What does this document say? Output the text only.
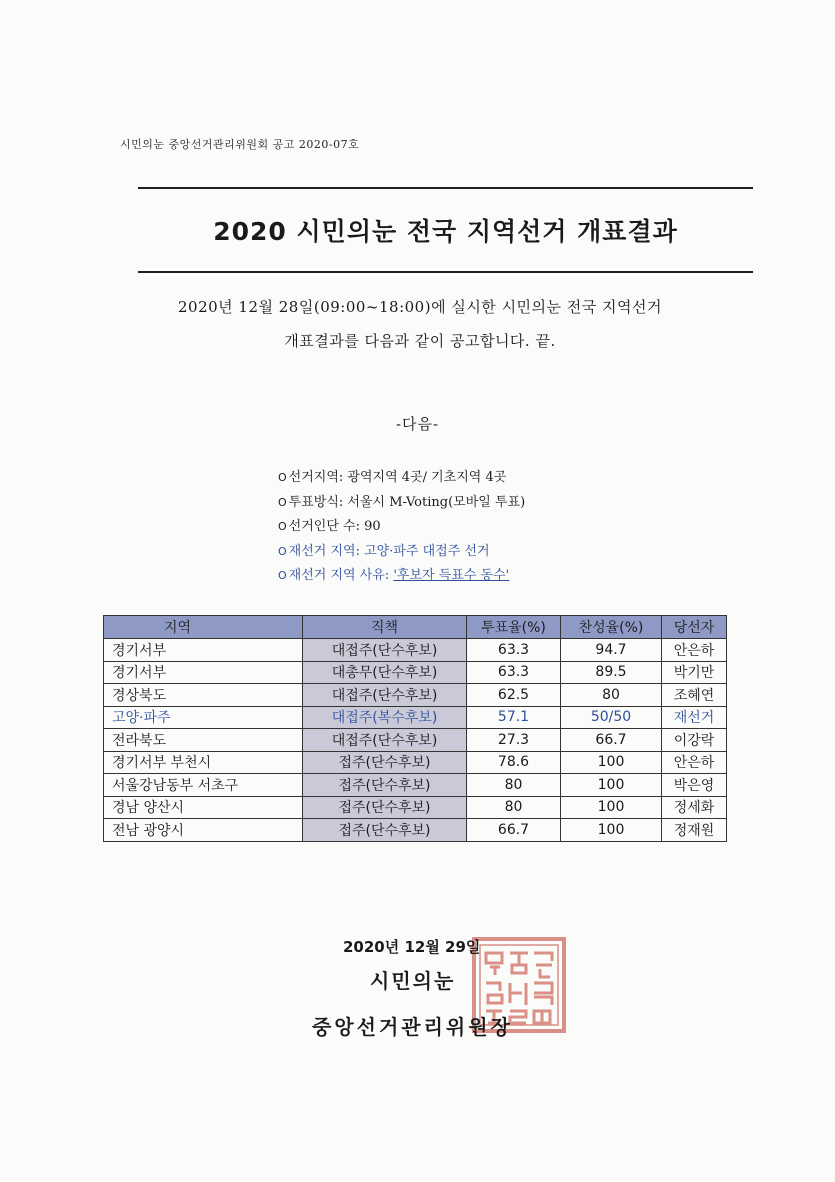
시민의눈 중앙선거관리위원회 공고 2020-07호
2020 시민의눈 전국 지역선거 개표결과
2020년 12월 28일(09:00~18:00)에 실시한 시민의눈 전국 지역선거
개표결과를 다음과 같이 공고합니다. 끝.
-다음-
O 선거지역: 광역지역 4곳/ 기초지역 4곳
O 투표방식: 서울시 M-Voting(모바일 투표)
O 선거인단 수: 90
O 재선거 지역: 고양·파주 대접주 선거
O 재선거 지역 사유: '후보자 득표수 동수'
지역	직책	투표율(%)	찬성율(%)	당선자
경기서부	대접주(단수후보)	63.3	94.7	안은하
경기서부	대총무(단수후보)	63.3	89.5	박기만
경상북도	대접주(단수후보)	62.5	80	조혜연
고양·파주	대접주(복수후보)	57.1	50/50	재선거
전라북도	대접주(단수후보)	27.3	66.7	이강락
경기서부 부천시	접주(단수후보)	78.6	100	안은하
서울강남동부 서초구	접주(단수후보)	80	100	박은영
경남 양산시	접주(단수후보)	80	100	정세화
전남 광양시	접주(단수후보)	66.7	100	정재원
2020년 12월 29일
시민의눈
중앙선거관리위원장
